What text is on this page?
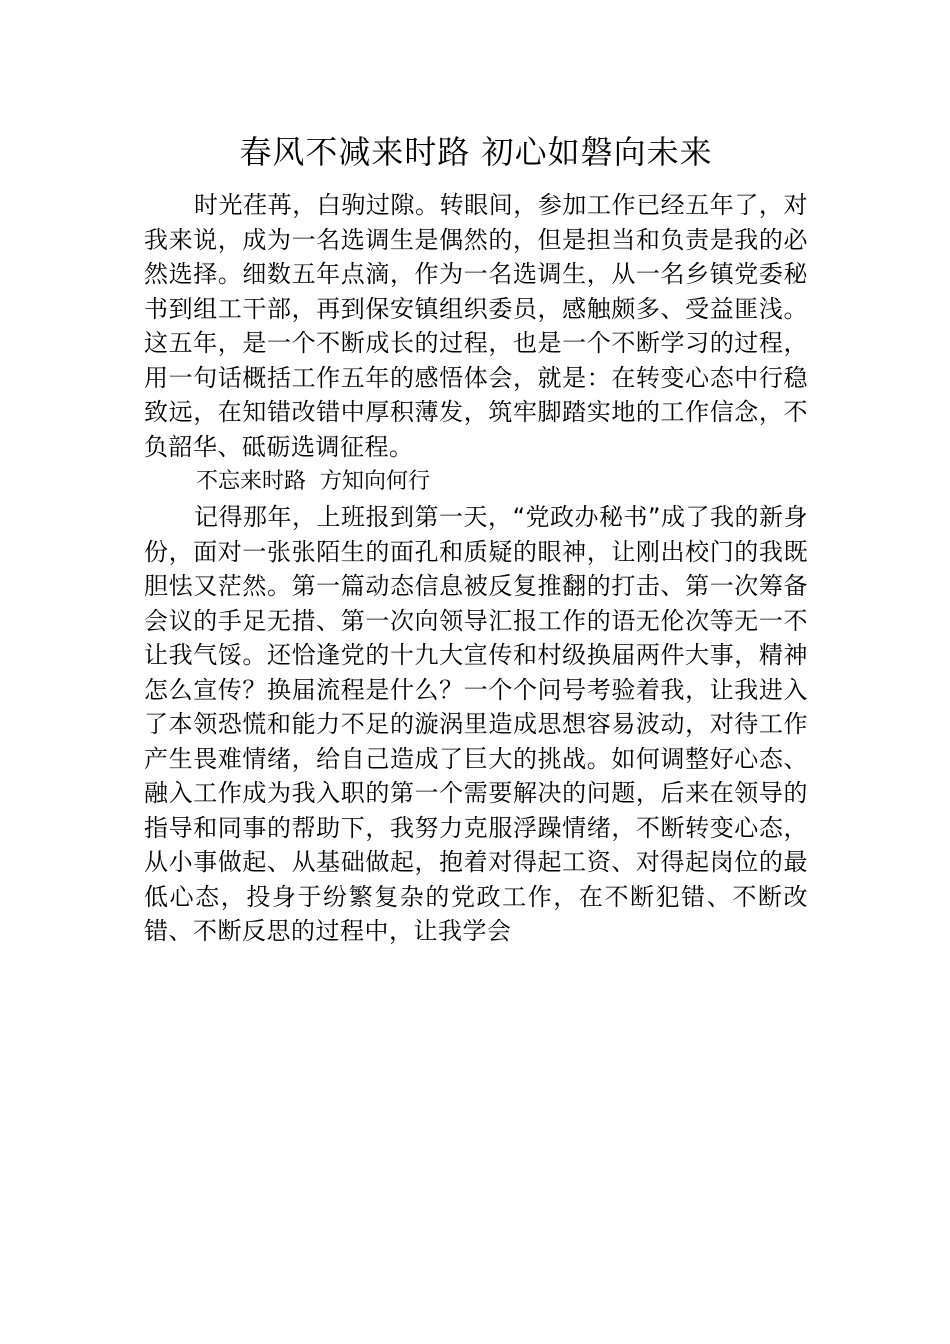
春风不减来时路 初心如磐向未来

时光荏苒，白驹过隙。转眼间，参加工作已经五年了，对我来说，成为一名选调生是偶然的，但是担当和负责是我的必然选择。细数五年点滴，作为一名选调生，从一名乡镇党委秘书到组工干部，再到保安镇组织委员，感触颇多、受益匪浅。这五年，是一个不断成长的过程，也是一个不断学习的过程，用一句话概括工作五年的感悟体会，就是：在转变心态中行稳致远，在知错改错中厚积薄发，筑牢脚踏实地的工作信念，不负韶华、砥砺选调征程。

不忘来时路  方知向何行

记得那年，上班报到第一天，“党政办秘书”成了我的新身份，面对一张张陌生的面孔和质疑的眼神，让刚出校门的我既胆怯又茫然。第一篇动态信息被反复推翻的打击、第一次筹备会议的手足无措、第一次向领导汇报工作的语无伦次等无一不让我气馁。还恰逢党的十九大宣传和村级换届两件大事，精神怎么宣传？换届流程是什么？一个个问号考验着我，让我进入了本领恐慌和能力不足的漩涡里造成思想容易波动，对待工作产生畏难情绪，给自己造成了巨大的挑战。如何调整好心态、融入工作成为我入职的第一个需要解决的问题，后来在领导的指导和同事的帮助下，我努力克服浮躁情绪，不断转变心态，从小事做起、从基础做起，抱着对得起工资、对得起岗位的最低心态，投身于纷繁复杂的党政工作，在不断犯错、不断改错、不断反思的过程中，让我学会
